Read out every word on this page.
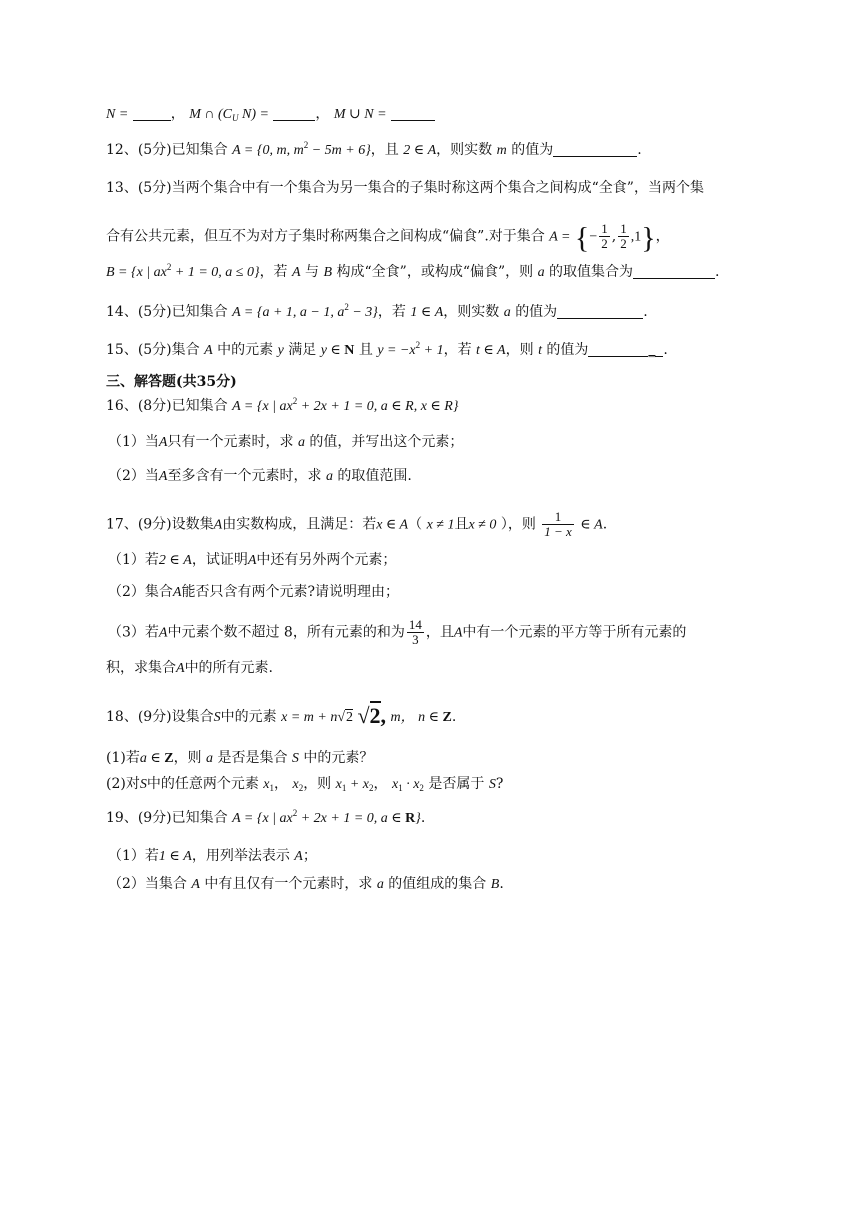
N =	， M ∩ ($C_U$ N) =	， M ∪ N =
12、(5分)已知集合 A = {0, m, $m^2 - 5m + 6$}，且 2 ∈ A，则实数 m 的值为	.
13、(5分)当两个集合中有一个集合为另一集合的子集时称这两个集合之间构成“全食”，当两个集
合有公共元素，但互不为对方子集时称两集合之间构成“偏食”.对于集合 A = {− $\frac{1}{2}$ , $\frac{1}{2} ,1$}，
B = {x | $ax^2 + 1 = 0$, a ≤ 0}，若 A 与 B 构成“全食”，或构成“偏食”，则 a 的取值集合为	.
14、(5分)已知集合 A = {a + 1, a − 1, $a^2 - 3$}，若 1 ∈ A，则实数 a 的值为	.
15、(5分)集合 A 中的元素 y 满足 y ∈ N 且 $y = -x^2 + 1$，若 t ∈ A，则 t 的值为	_ .
三、解答题(共35分)
16、(8分)已知集合 A = {x | $ax^2 + 2x + 1 = 0$, a ∈ R, x ∈ R}
（1）当A只有一个元素时，求 a 的值，并写出这个元素；
（2）当A至多含有一个元素时，求 a 的取值范围.
17、(9分)设数集A由实数构成，且满足：若x ∈ A（ x ≠ 1且x ≠ 0 ），则 $\frac{1}{1 - x}$ ∈ A.
（1）若2 ∈ A，试证明A中还有另外两个元素；
（2）集合A能否只含有两个元素?请说明理由；
（3）若A中元素个数不超过 8，所有元素的和为 $\frac{14}{3}$ ，且A中有一个元素的平方等于所有元素的
积，求集合A中的所有元素.
18、(9分)设集合S中的元素 x = m + n√2 √2, m， n ∈ Z.
(1)若a ∈ Z，则 a 是否是集合 S 中的元素？
(2)对S中的任意两个元素 $x_1$， $x_2$，则 $x_1 + x_2$， $x_1 \cdot x_2$ 是否属于 S?
19、(9分)已知集合 A = {x | $ax^2 + 2x + 1 = 0$, a ∈ R}.
（1）若1 ∈ A，用列举法表示 A；
（2）当集合 A 中有且仅有一个元素时，求 a 的值组成的集合 B.
